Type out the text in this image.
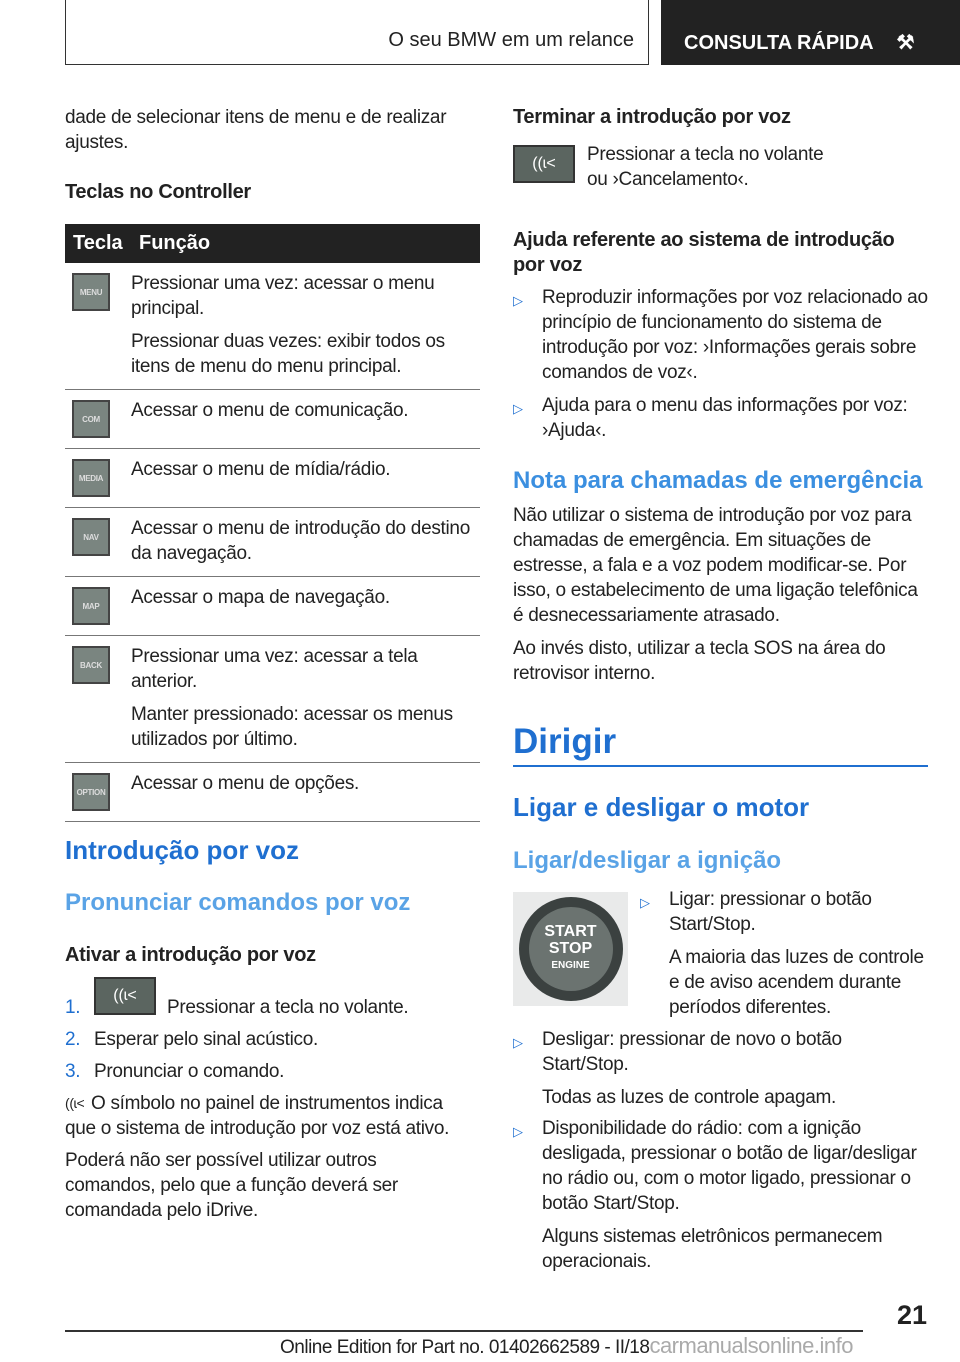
O seu BMW em um relance	CONSULTA RÁPIDA ⚒
dade de selecionar itens de menu e de realizar ajustes.
Teclas no Controller
Tecla	Função

MENU	Pressionar uma vez: acessar o menu principal.

Pressionar duas vezes: exibir todos os itens de menu do menu principal.

COM	Acessar o menu de comunicação.

MEDIA	Acessar o menu de mídia/rádio.

NAV	Acessar o menu de introdução do destino da navegação.

MAP	Acessar o mapa de navegação.

BACK	Pressionar uma vez: acessar a tela anterior.

Manter pressionado: acessar os menus utilizados por último.

OPTION	Acessar o menu de opções.

Introdução por voz
Pronunciar comandos por voz
Ativar a introdução por voz
1.
((ɩ<
Pressionar a tecla no volante.
2. Esperar pelo sinal acústico.
3. Pronunciar o comando.
((ɩ< O símbolo no painel de instrumentos indica que o sistema de introdução por voz está ativo.
Poderá não ser possível utilizar outros comandos, pelo que a função deverá ser comandada pelo iDrive.
Terminar a introdução por voz
((ɩ<	Pressionar a tecla no volante ou ›Cancelamento‹.
Ajuda referente ao sistema de introdução por voz
▷ Reproduzir informações por voz relacionado ao princípio de funcionamento do sistema de introdução por voz: ›Informações gerais sobre comandos de voz‹.
▷ Ajuda para o menu das informações por voz: ›Ajuda‹.
Nota para chamadas de emergência
Não utilizar o sistema de introdução por voz para chamadas de emergência. Em situações de estresse, a fala e a voz podem modificar-se. Por isso, o estabelecimento de uma ligação telefônica é desnecessariamente atrasado.
Ao invés disto, utilizar a tecla SOS na área do retrovisor interno.
Dirigir
Ligar e desligar o motor
Ligar/desligar a ignição
START
STOP
ENGINE
▷ Ligar: pressionar o botão Start/Stop.
A maioria das luzes de controle e de aviso acendem durante períodos diferentes.
▷ Desligar: pressionar de novo o botão Start/Stop.
Todas as luzes de controle apagam.
▷ Disponibilidade do rádio: com a ignição desligada, pressionar o botão de ligar/desligar no rádio ou, com o motor ligado, pressionar o botão Start/Stop.
Alguns sistemas eletrônicos permanecem operacionais.
21
Online Edition for Part no. 01402662589 - II/18carmanualsonline.info
